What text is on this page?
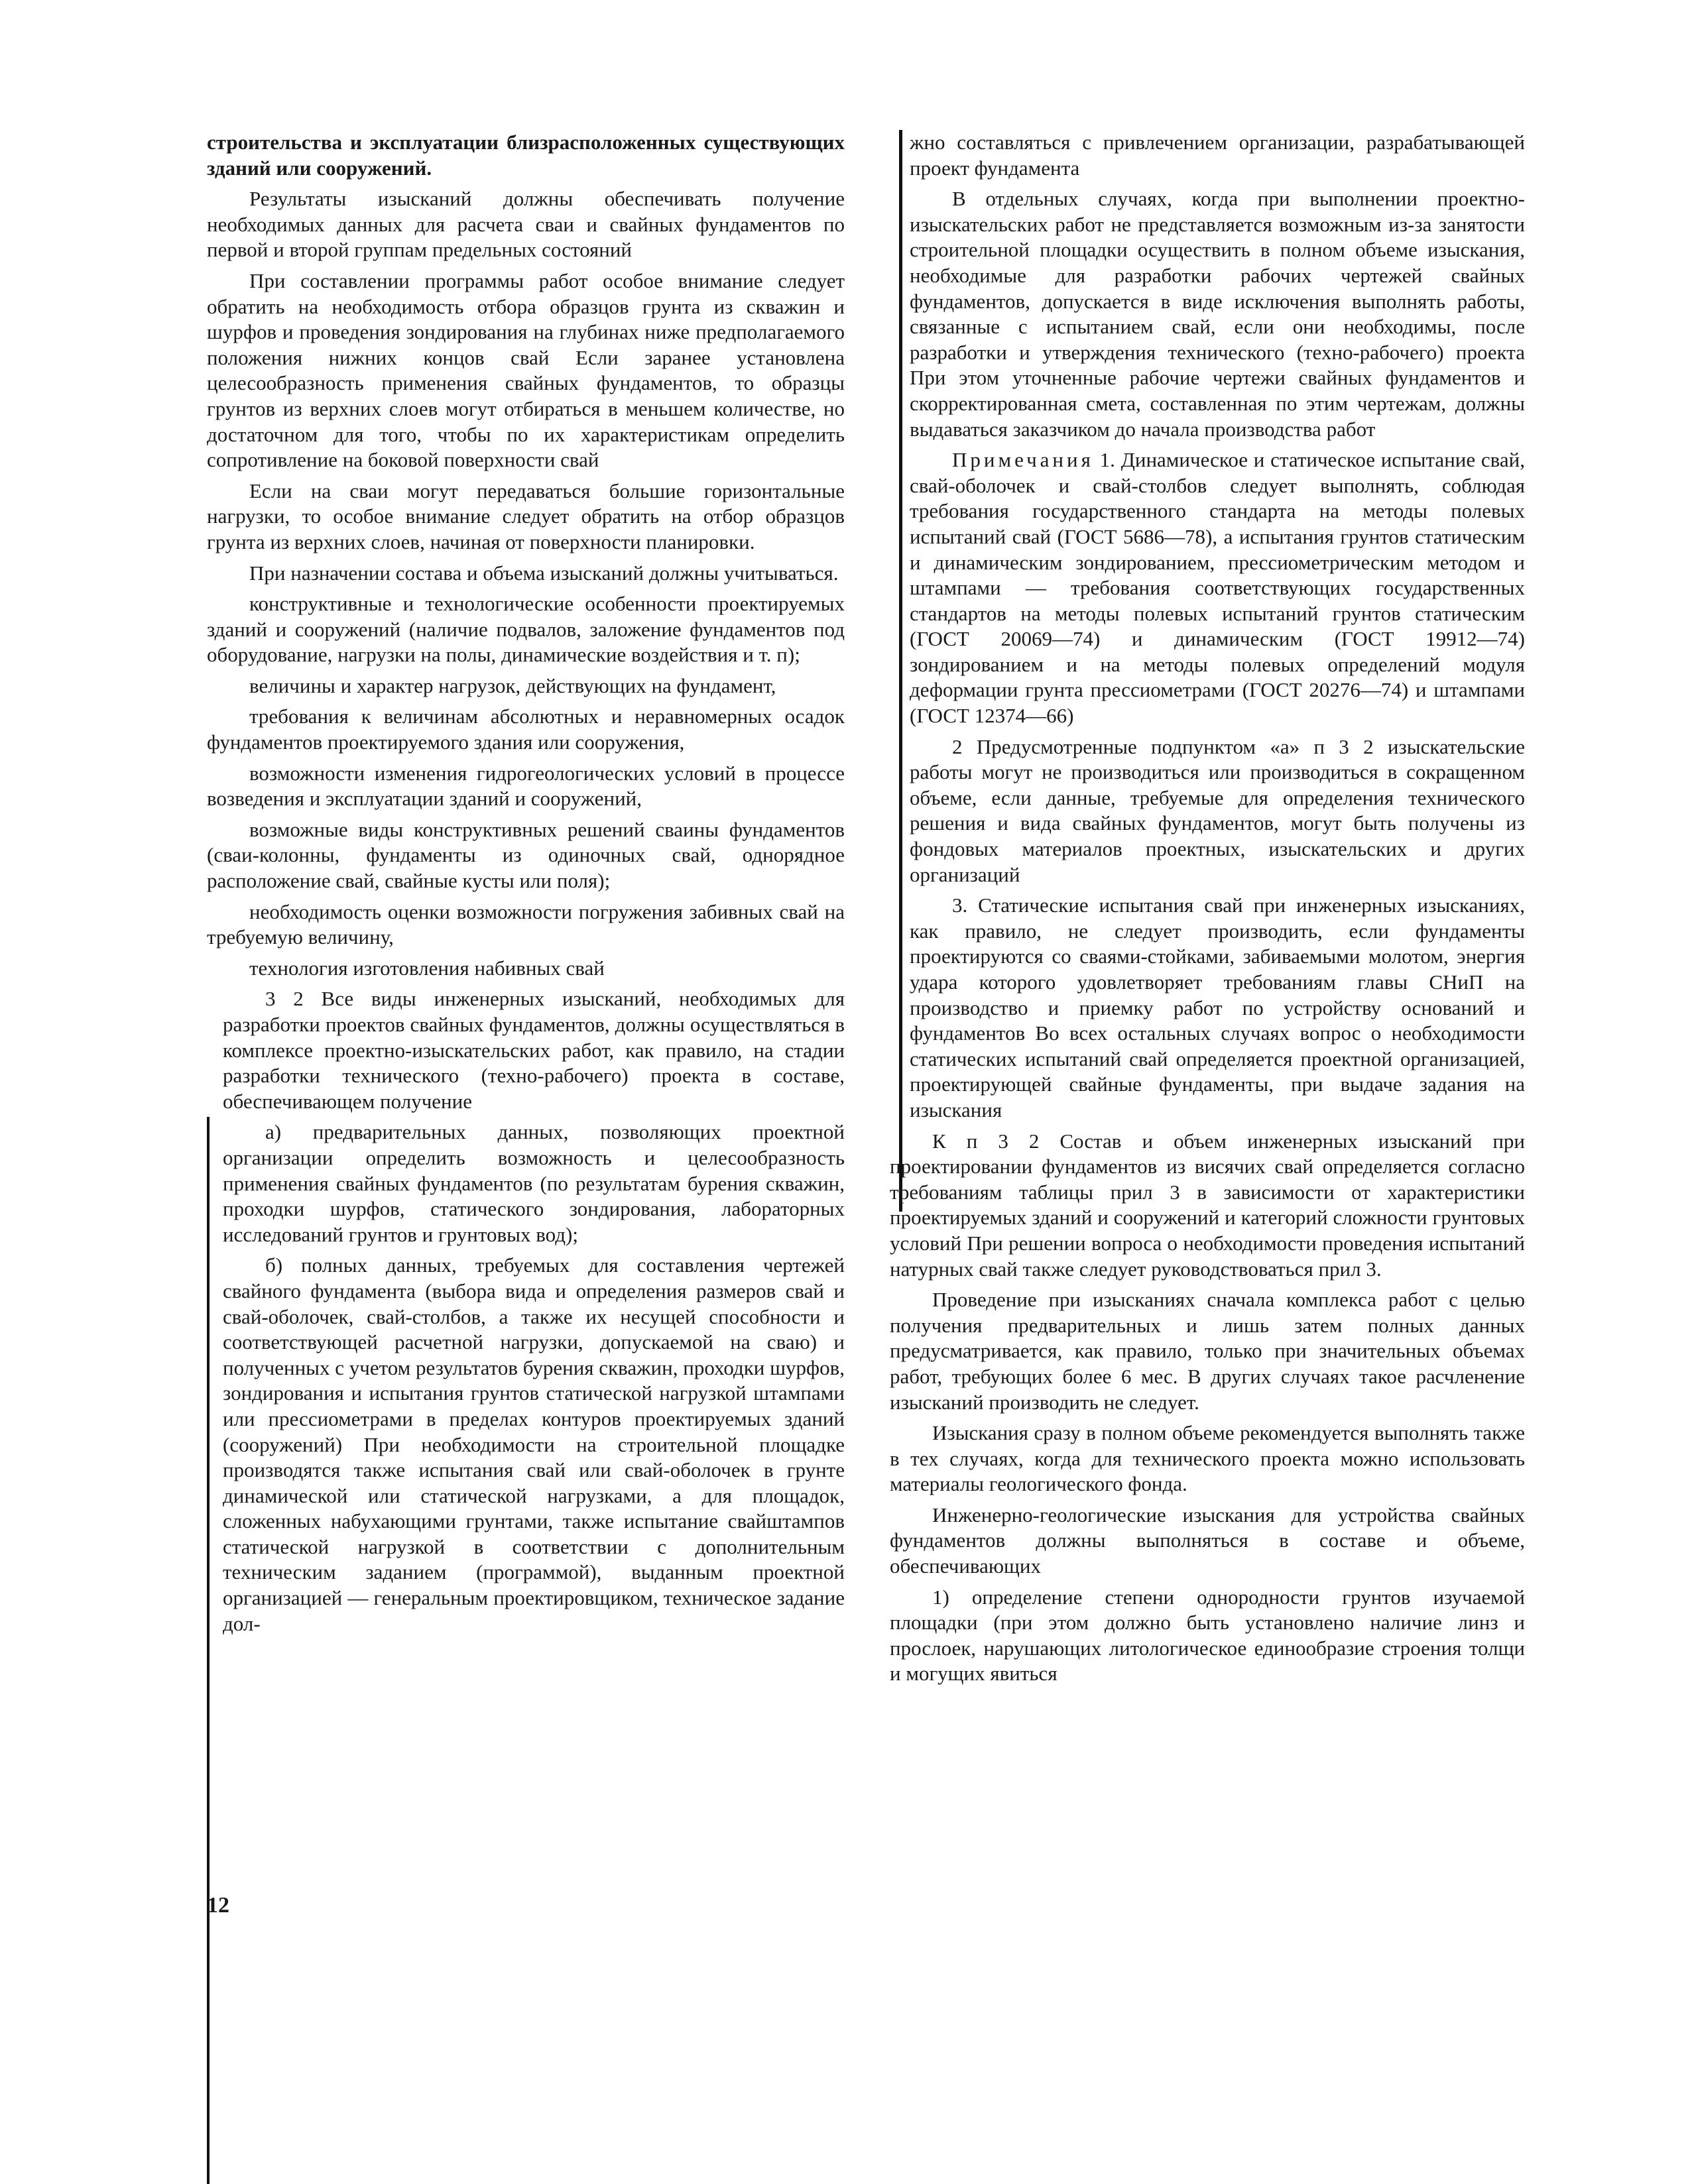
строительства и эксплуатации близрасположенных существующих зданий или сооружений.

Результаты изысканий должны обеспечивать получение необходимых данных для расчета сваи и свайных фундаментов по первой и второй группам предельных состояний

При составлении программы работ особое внимание следует обратить на необходимость отбора образцов грунта из скважин и шурфов и проведения зондирования на глубинах ниже предполагаемого положения нижних концов свай Если заранее установлена целесообразность применения свайных фундаментов, то образцы грунтов из верхних слоев могут отбираться в меньшем количестве, но достаточном для того, чтобы по их характеристикам определить сопротивление на боковой поверхности свай

Если на сваи могут передаваться большие горизонтальные нагрузки, то особое внимание следует обратить на отбор образцов грунта из верхних слоев, начиная от поверхности планировки.

При назначении состава и объема изысканий должны учитываться.

конструктивные и технологические особенности проектируемых зданий и сооружений (наличие подвалов, заложение фундаментов под оборудование, нагрузки на полы, динамические воздействия и т. п);

величины и характер нагрузок, действующих на фундамент,

требования к величинам абсолютных и неравномерных осадок фундаментов проектируемого здания или сооружения,

возможности изменения гидрогеологических условий в процессе возведения и эксплуатации зданий и сооружений,

возможные виды конструктивных решений сваины фундаментов (сваи-колонны, фундаменты из одиночных свай, однорядное расположение свай, свайные кусты или поля);

необходимость оценки возможности погружения забивных свай на требуемую величину,

технология изготовления набивных свай

3 2 Все виды инженерных изысканий, необходимых для разработки проектов свайных фундаментов, должны осуществляться в комплексе проектно-изыскательских работ, как правило, на стадии разработки технического (техно-рабочего) проекта в составе, обеспечивающем получение

а) предварительных данных, позволяющих проектной организации определить возможность и целесообразность применения свайных фундаментов (по результатам бурения скважин, проходки шурфов, статического зондирования, лабораторных исследований грунтов и грунтовых вод);

б) полных данных, требуемых для составления чертежей свайного фундамента (выбора вида и определения размеров свай и свай-оболочек, свай-столбов, а также их несущей способности и соответствующей расчетной нагрузки, допускаемой на сваю) и полученных с учетом результатов бурения скважин, проходки шурфов, зондирования и испытания грунтов статической нагрузкой штампами или прессиометрами в пределах контуров проектируемых зданий (сооружений) При необходимости на строительной площадке производятся также испытания свай или свай-оболочек в грунте динамической или статической нагрузками, а для площадок, сложенных набухающими грунтами, также испытание свайштампов статической нагрузкой в соответствии с дополнительным техническим заданием (программой), выданным проектной организацией — генеральным проектировщиком, техническое задание дол-

жно составляться с привлечением организации, разрабатывающей проект фундамента

В отдельных случаях, когда при выполнении проектно-изыскательских работ не представляется возможным из-за занятости строительной площадки осуществить в полном объеме изыскания, необходимые для разработки рабочих чертежей свайных фундаментов, допускается в виде исключения выполнять работы, связанные с испытанием свай, если они необходимы, после разработки и утверждения технического (техно-рабочего) проекта При этом уточненные рабочие чертежи свайных фундаментов и скорректированная смета, составленная по этим чертежам, должны выдаваться заказчиком до начала производства работ

Примечания 1. Динамическое и статическое испытание свай, свай-оболочек и свай-столбов следует выполнять, соблюдая требования государственного стандарта на методы полевых испытаний свай (ГОСТ 5686—78), а испытания грунтов статическим и динамическим зондированием, прессиометрическим методом и штампами — требования соответствующих государственных стандартов на методы полевых испытаний грунтов статическим (ГОСТ 20069—74) и динамическим (ГОСТ 19912—74) зондированием и на методы полевых определений модуля деформации грунта прессиометрами (ГОСТ 20276—74) и штампами (ГОСТ 12374—66)

2 Предусмотренные подпунктом «а» п 3 2 изыскательские работы могут не производиться или производиться в сокращенном объеме, если данные, требуемые для определения технического решения и вида свайных фундаментов, могут быть получены из фондовых материалов проектных, изыскательских и других организаций

3. Статические испытания свай при инженерных изысканиях, как правило, не следует производить, если фундаменты проектируются со сваями-стойками, забиваемыми молотом, энергия удара которого удовлетворяет требованиям главы СНиП на производство и приемку работ по устройству оснований и фундаментов Во всех остальных случаях вопрос о необходимости статических испытаний свай определяется проектной организацией, проектирующей свайные фундаменты, при выдаче задания на изыскания

К п 3 2 Состав и объем инженерных изысканий при проектировании фундаментов из висячих свай определяется согласно требованиям таблицы прил 3 в зависимости от характеристики проектируемых зданий и сооружений и категорий сложности грунтовых условий При решении вопроса о необходимости проведения испытаний натурных свай также следует руководствоваться прил 3.

Проведение при изысканиях сначала комплекса работ с целью получения предварительных и лишь затем полных данных предусматривается, как правило, только при значительных объемах работ, требующих более 6 мес. В других случаях такое расчленение изысканий производить не следует.

Изыскания сразу в полном объеме рекомендуется выполнять также в тех случаях, когда для технического проекта можно использовать материалы геологического фонда.

Инженерно-геологические изыскания для устройства свайных фундаментов должны выполняться в составе и объеме, обеспечивающих

1) определение степени однородности грунтов изучаемой площадки (при этом должно быть установлено наличие линз и прослоек, нарушающих литологическое единообразие строения толщи и могущих явиться

12
